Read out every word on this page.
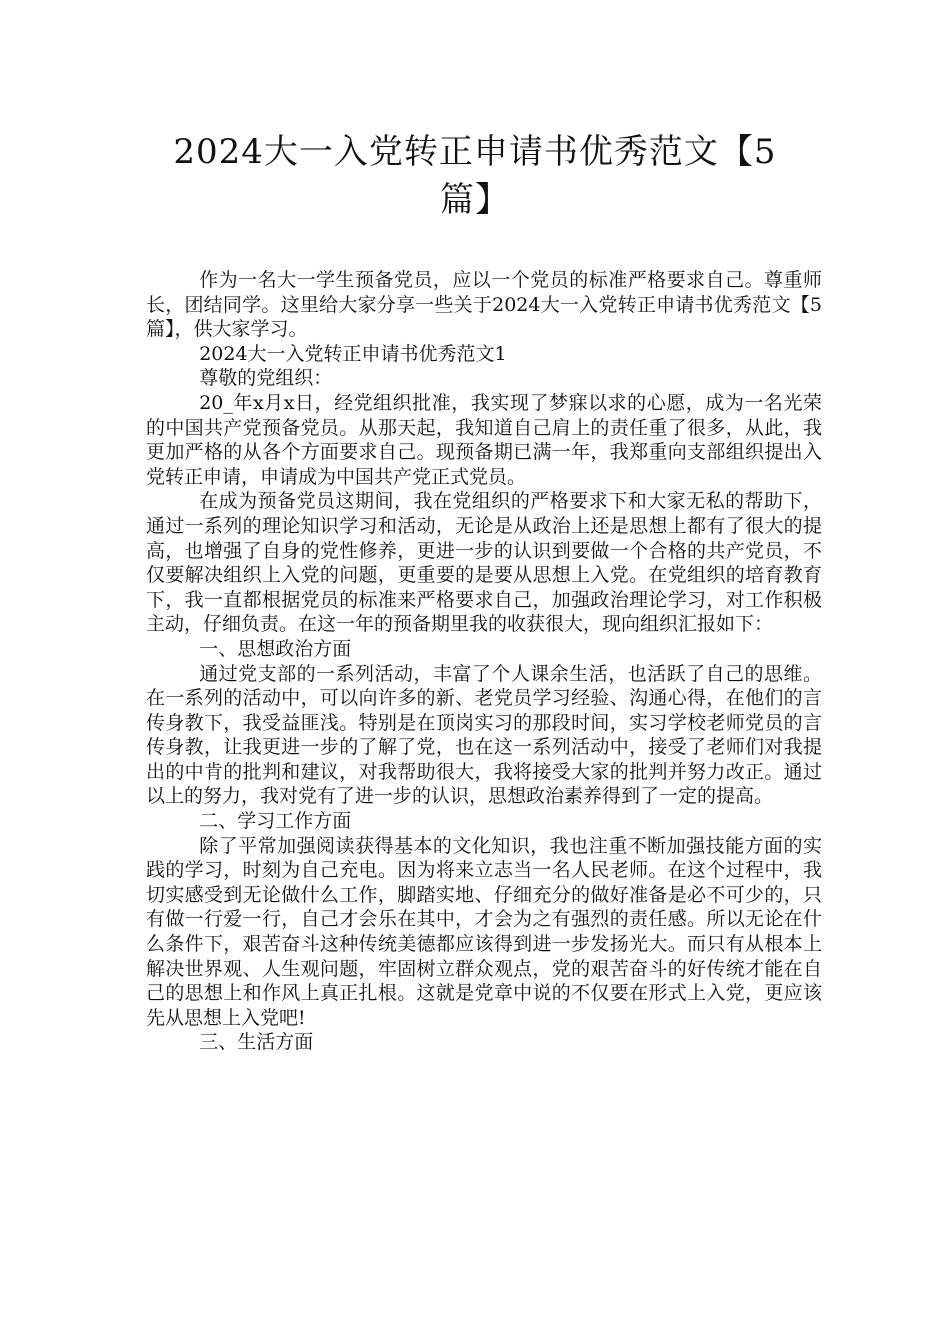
2024大一入党转正申请书优秀范文【5篇】

作为一名大一学生预备党员，应以一个党员的标准严格要求自己。尊重师长，团结同学。这里给大家分享一些关于2024大一入党转正申请书优秀范文【5篇】，供大家学习。

2024大一入党转正申请书优秀范文1

尊敬的党组织：

20_年x月x日，经党组织批准，我实现了梦寐以求的心愿，成为一名光荣的中国共产党预备党员。从那天起，我知道自己肩上的责任重了很多，从此，我更加严格的从各个方面要求自己。现预备期已满一年，我郑重向支部组织提出入党转正申请，申请成为中国共产党正式党员。

在成为预备党员这期间，我在党组织的严格要求下和大家无私的帮助下，通过一系列的理论知识学习和活动，无论是从政治上还是思想上都有了很大的提高，也增强了自身的党性修养，更进一步的认识到要做一个合格的共产党员，不仅要解决组织上入党的问题，更重要的是要从思想上入党。在党组织的培育教育下，我一直都根据党员的标准来严格要求自己，加强政治理论学习，对工作积极主动，仔细负责。在这一年的预备期里我的收获很大，现向组织汇报如下：

一、思想政治方面

通过党支部的一系列活动，丰富了个人课余生活，也活跃了自己的思维。在一系列的活动中，可以向许多的新、老党员学习经验、沟通心得，在他们的言传身教下，我受益匪浅。特别是在顶岗实习的那段时间，实习学校老师党员的言传身教，让我更进一步的了解了党，也在这一系列活动中，接受了老师们对我提出的中肯的批判和建议，对我帮助很大，我将接受大家的批判并努力改正。通过以上的努力，我对党有了进一步的认识，思想政治素养得到了一定的提高。

二、学习工作方面

除了平常加强阅读获得基本的文化知识，我也注重不断加强技能方面的实践的学习，时刻为自己充电。因为将来立志当一名人民老师。在这个过程中，我切实感受到无论做什么工作，脚踏实地、仔细充分的做好准备是必不可少的，只有做一行爱一行，自己才会乐在其中，才会为之有强烈的责任感。所以无论在什么条件下，艰苦奋斗这种传统美德都应该得到进一步发扬光大。而只有从根本上解决世界观、人生观问题，牢固树立群众观点，党的艰苦奋斗的好传统才能在自己的思想上和作风上真正扎根。这就是党章中说的不仅要在形式上入党，更应该先从思想上入党吧!

三、生活方面
